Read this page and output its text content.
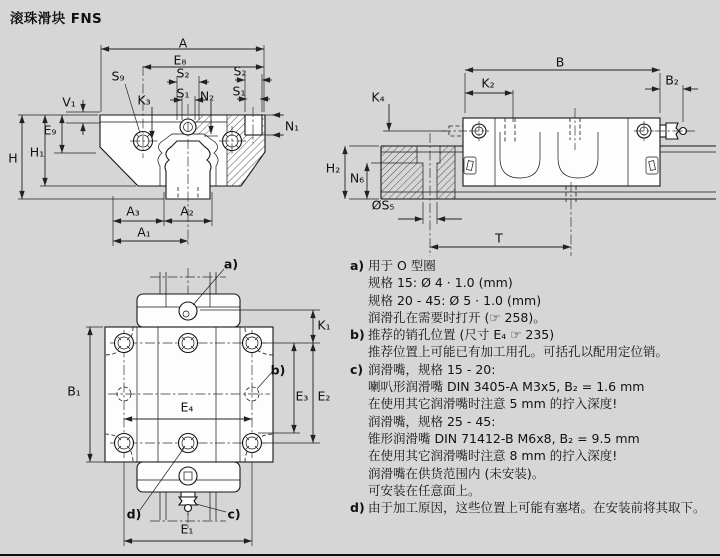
滚珠滑块 FNS
A
E₈
S₂
S₁
S₉
K₃	N₂
S₂
S₁
V₁
E₉
H₁
H
N₁
A₃	A₂
A₁
B
K₂	B₂
K₄
H₂
N₆
ØS₅
T
a)
K₁
b)
B₁	E₃ E₂
E₄
d)	c)
E₁
a) 用于 O 型圈
规格 15: Ø 4 · 1.0 (mm)
规格 20 - 45: Ø 5 · 1.0 (mm)
润滑孔在需要时打开 (☞ 258)。
b) 推荐的销孔位置 (尺寸 E₄ ☞ 235)
推荐位置上可能已有加工用孔。可括孔以配用定位销。
c) 润滑嘴，规格 15 - 20:
喇叭形润滑嘴 DIN 3405-A M3x5, B₂ = 1.6 mm
在使用其它润滑嘴时注意 5 mm 的拧入深度!
润滑嘴，规格 25 - 45:
锥形润滑嘴 DIN 71412-B M6x8, B₂ = 9.5 mm
在使用其它润滑嘴时注意 8 mm 的拧入深度!
润滑嘴在供货范围内 (未安装)。
可安装在任意面上。
d) 由于加工原因，这些位置上可能有塞堵。在安装前将其取下。
